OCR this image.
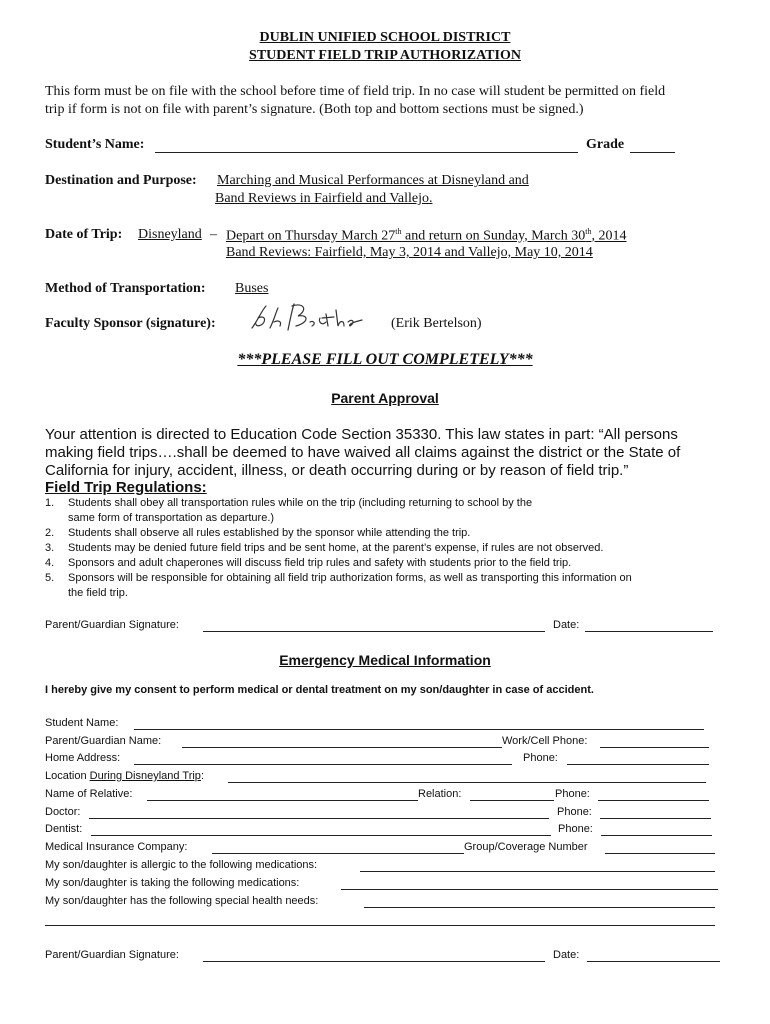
DUBLIN UNIFIED SCHOOL DISTRICT
STUDENT FIELD TRIP AUTHORIZATION
This form must be on file with the school before time of field trip. In no case will student be permitted on field
trip if form is not on file with parent’s signature. (Both top and bottom sections must be signed.)
Student’s Name:	Grade
Destination and Purpose: Marching and Musical Performances at Disneyland and
Band Reviews in Fairfield and Vallejo.
Date of Trip: Disneyland – Depart on Thursday March 27th and return on Sunday, March 30th, 2014
Band Reviews: Fairfield, May 3, 2014 and Vallejo, May 10, 2014
Method of Transportation: Buses
Faculty Sponsor (signature):	(Erik Bertelson)
***PLEASE FILL OUT COMPLETELY***
Parent Approval
Your attention is directed to Education Code Section 35330. This law states in part: “All persons
making field trips….shall be deemed to have waived all claims against the district or the State of
California for injury, accident, illness, or death occurring during or by reason of field trip.”
Field Trip Regulations:
1. Students shall obey all transportation rules while on the trip (including returning to school by the
same form of transportation as departure.)
2. Students shall observe all rules established by the sponsor while attending the trip.
3. Students may be denied future field trips and be sent home, at the parent’s expense, if rules are not observed.
4. Sponsors and adult chaperones will discuss field trip rules and safety with students prior to the field trip.
5. Sponsors will be responsible for obtaining all field trip authorization forms, as well as transporting this information on
the field trip.
Parent/Guardian Signature:	Date:
Emergency Medical Information
I hereby give my consent to perform medical or dental treatment on my son/daughter in case of accident.
Student Name:
Parent/Guardian Name:	Work/Cell Phone:
Home Address:	Phone:
Location During Disneyland Trip:
Name of Relative:	Relation:	Phone:
Doctor:	Phone:
Dentist:	Phone:
Medical Insurance Company:	Group/Coverage Number
My son/daughter is allergic to the following medications:
My son/daughter is taking the following medications:
My son/daughter has the following special health needs:
Parent/Guardian Signature:	Date:
